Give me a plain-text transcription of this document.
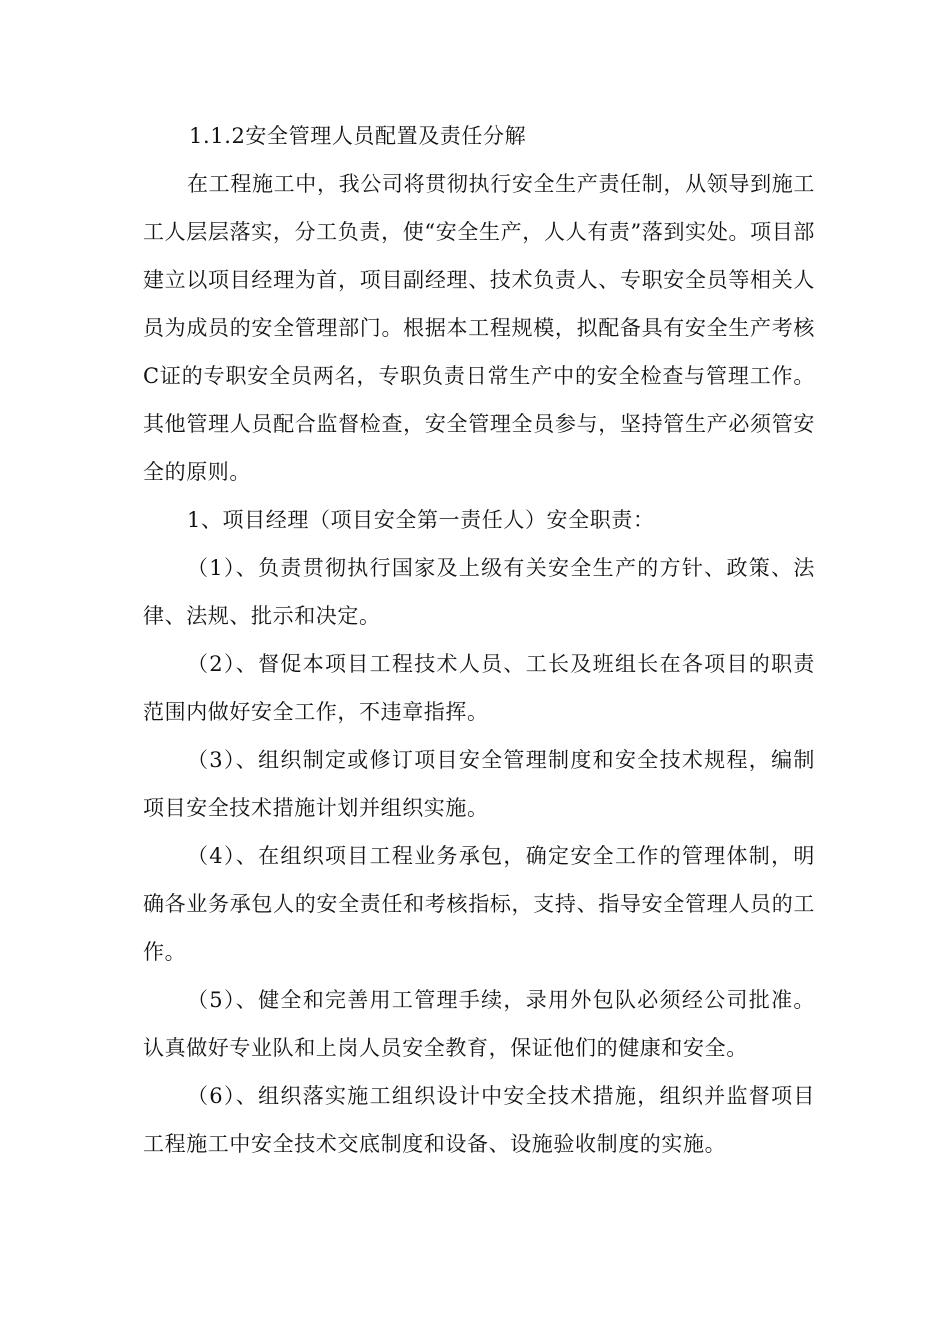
1.1.2安全管理人员配置及责任分解

在工程施工中，我公司将贯彻执行安全生产责任制，从领导到施工工人层层落实，分工负责，使“安全生产，人人有责”落到实处。项目部建立以项目经理为首，项目副经理、技术负责人、专职安全员等相关人员为成员的安全管理部门。根据本工程规模，拟配备具有安全生产考核C证的专职安全员两名，专职负责日常生产中的安全检查与管理工作。其他管理人员配合监督检查，安全管理全员参与，坚持管生产必须管安全的原则。

1、项目经理（项目安全第一责任人）安全职责：

（1）、负责贯彻执行国家及上级有关安全生产的方针、政策、法律、法规、批示和决定。

（2）、督促本项目工程技术人员、工长及班组长在各项目的职责范围内做好安全工作，不违章指挥。

（3）、组织制定或修订项目安全管理制度和安全技术规程，编制项目安全技术措施计划并组织实施。

（4）、在组织项目工程业务承包，确定安全工作的管理体制，明确各业务承包人的安全责任和考核指标，支持、指导安全管理人员的工作。

（5）、健全和完善用工管理手续，录用外包队必须经公司批准。认真做好专业队和上岗人员安全教育，保证他们的健康和安全。

（6）、组织落实施工组织设计中安全技术措施，组织并监督项目工程施工中安全技术交底制度和设备、设施验收制度的实施。
